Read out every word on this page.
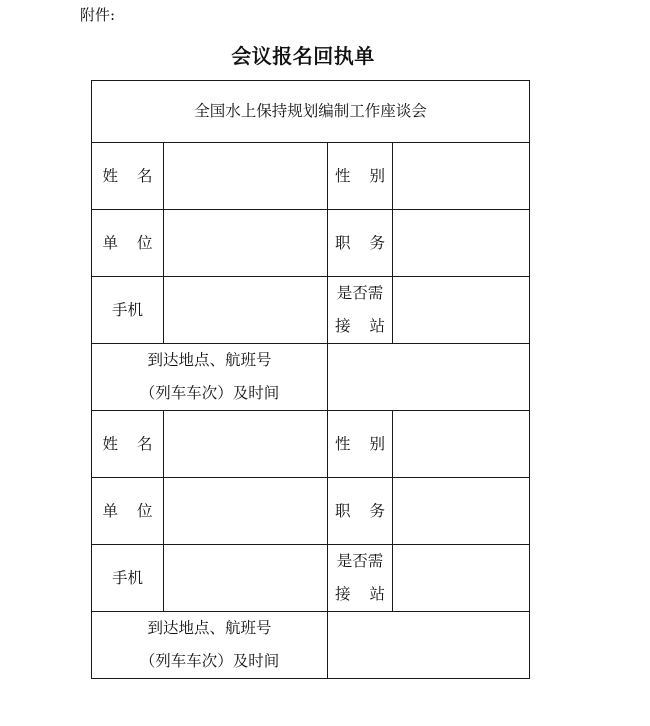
附件:
会议报名回执单
全国水上保持规划编制工作座谈会			
姓 名		性 别	
单 位		职 务	
手机		是否需
接 站	

到达地点、航班号
（列车车次）及时间			

姓 名		性 别	
单 位		职 务	
手机		是否需
接 站	

到达地点、航班号
（列车车次）及时间			
